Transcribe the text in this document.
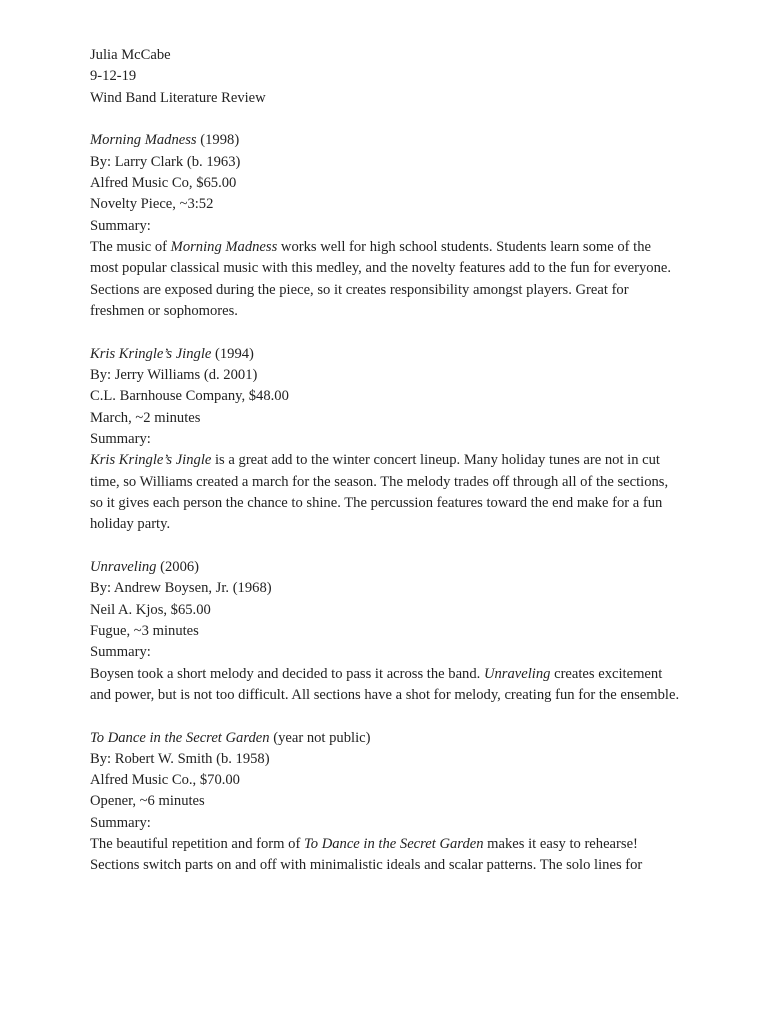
Julia McCabe
9-12-19
Wind Band Literature Review
Morning Madness (1998)
By: Larry Clark (b. 1963)
Alfred Music Co, $65.00
Novelty Piece, ~3:52
Summary:
The music of Morning Madness works well for high school students. Students learn some of the most popular classical music with this medley, and the novelty features add to the fun for everyone. Sections are exposed during the piece, so it creates responsibility amongst players. Great for freshmen or sophomores.
Kris Kringle’s Jingle (1994)
By: Jerry Williams (d. 2001)
C.L. Barnhouse Company, $48.00
March, ~2 minutes
Summary:
Kris Kringle’s Jingle is a great add to the winter concert lineup. Many holiday tunes are not in cut time, so Williams created a march for the season. The melody trades off through all of the sections, so it gives each person the chance to shine. The percussion features toward the end make for a fun holiday party.
Unraveling (2006)
By: Andrew Boysen, Jr. (1968)
Neil A. Kjos, $65.00
Fugue, ~3 minutes
Summary:
Boysen took a short melody and decided to pass it across the band. Unraveling creates excitement and power, but is not too difficult. All sections have a shot for melody, creating fun for the ensemble.
To Dance in the Secret Garden (year not public)
By: Robert W. Smith (b. 1958)
Alfred Music Co., $70.00
Opener, ~6 minutes
Summary:
The beautiful repetition and form of To Dance in the Secret Garden makes it easy to rehearse! Sections switch parts on and off with minimalistic ideals and scalar patterns. The solo lines for
